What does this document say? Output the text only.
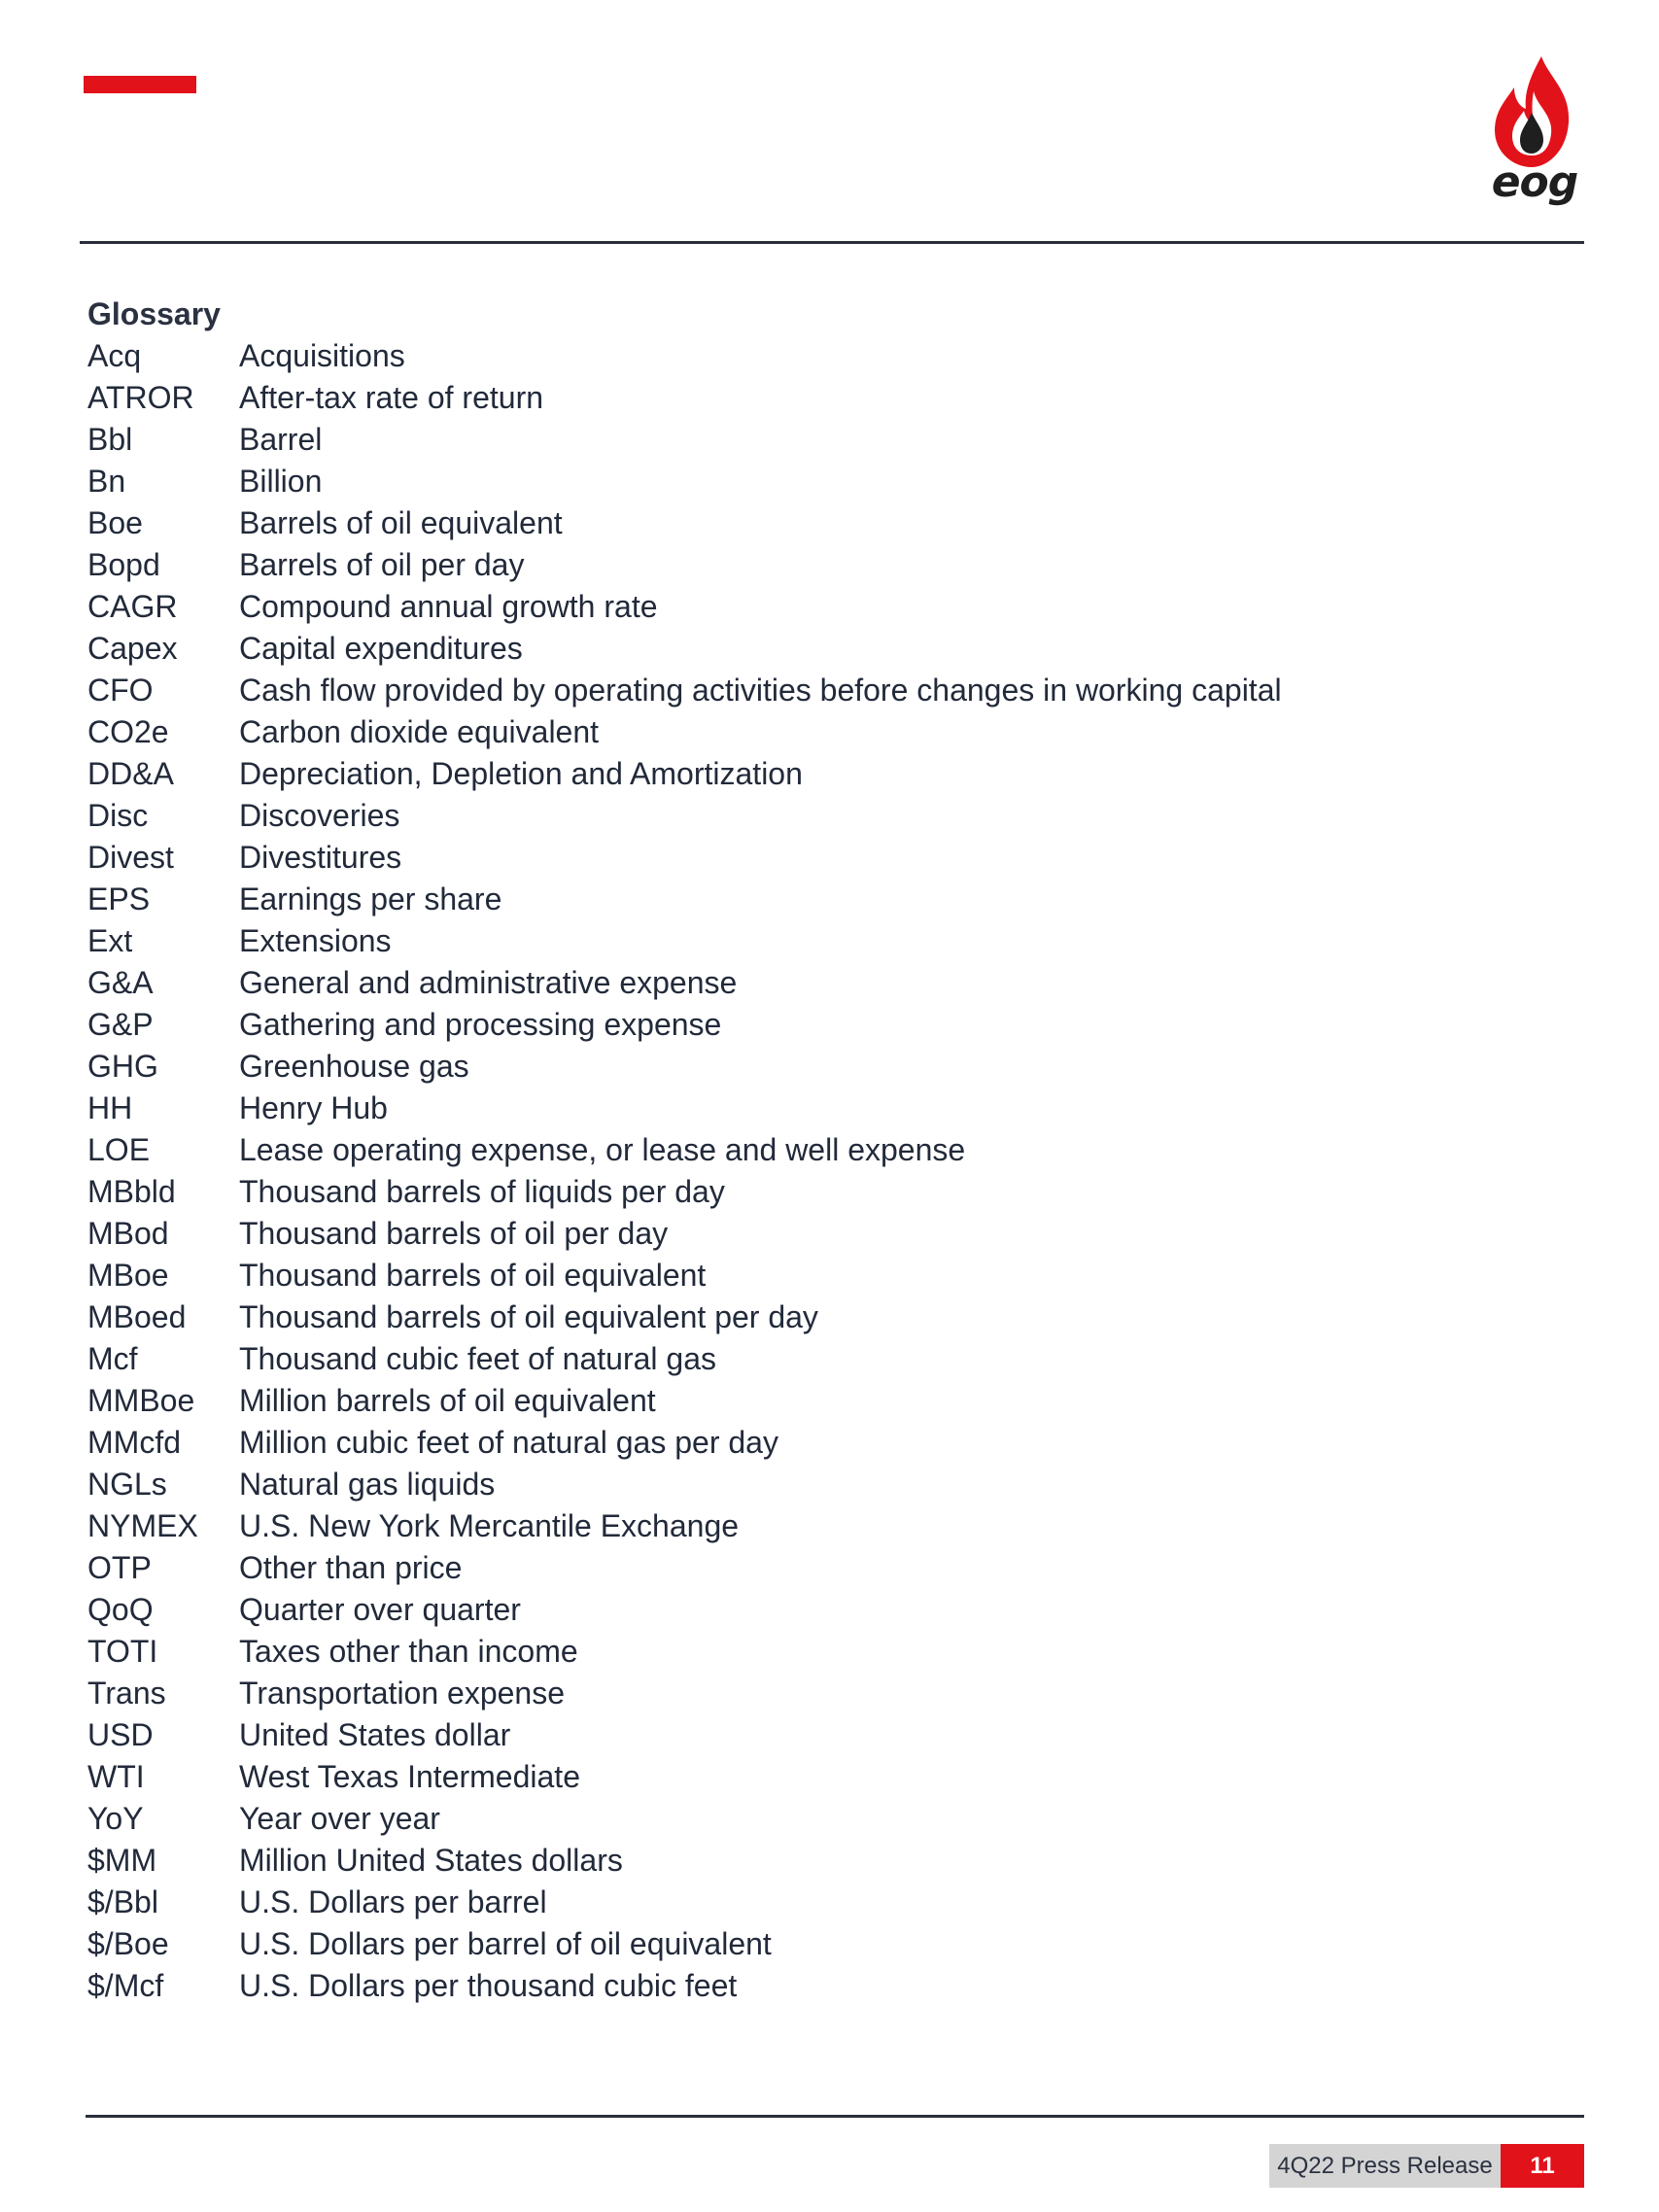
eog
Glossary
Acq	Acquisitions
ATROR	After-tax rate of return
Bbl	Barrel
Bn	Billion
Boe	Barrels of oil equivalent
Bopd	Barrels of oil per day
CAGR	Compound annual growth rate
Capex	Capital expenditures
CFO	Cash flow provided by operating activities before changes in working capital
CO2e	Carbon dioxide equivalent
DD&A	Depreciation, Depletion and Amortization
Disc	Discoveries
Divest	Divestitures
EPS	Earnings per share
Ext	Extensions
G&A	General and administrative expense
G&P	Gathering and processing expense
GHG	Greenhouse gas
HH	Henry Hub
LOE	Lease operating expense, or lease and well expense
MBbld	Thousand barrels of liquids per day
MBod	Thousand barrels of oil per day
MBoe	Thousand barrels of oil equivalent
MBoed	Thousand barrels of oil equivalent per day
Mcf	Thousand cubic feet of natural gas
MMBoe	Million barrels of oil equivalent
MMcfd	Million cubic feet of natural gas per day
NGLs	Natural gas liquids
NYMEX	U.S. New York Mercantile Exchange
OTP	Other than price
QoQ	Quarter over quarter
TOTI	Taxes other than income
Trans	Transportation expense
USD	United States dollar
WTI	West Texas Intermediate
YoY	Year over year
$MM	Million United States dollars
$/Bbl	U.S. Dollars per barrel
$/Boe	U.S. Dollars per barrel of oil equivalent
$/Mcf	U.S. Dollars per thousand cubic feet
4Q22 Press Release	11
